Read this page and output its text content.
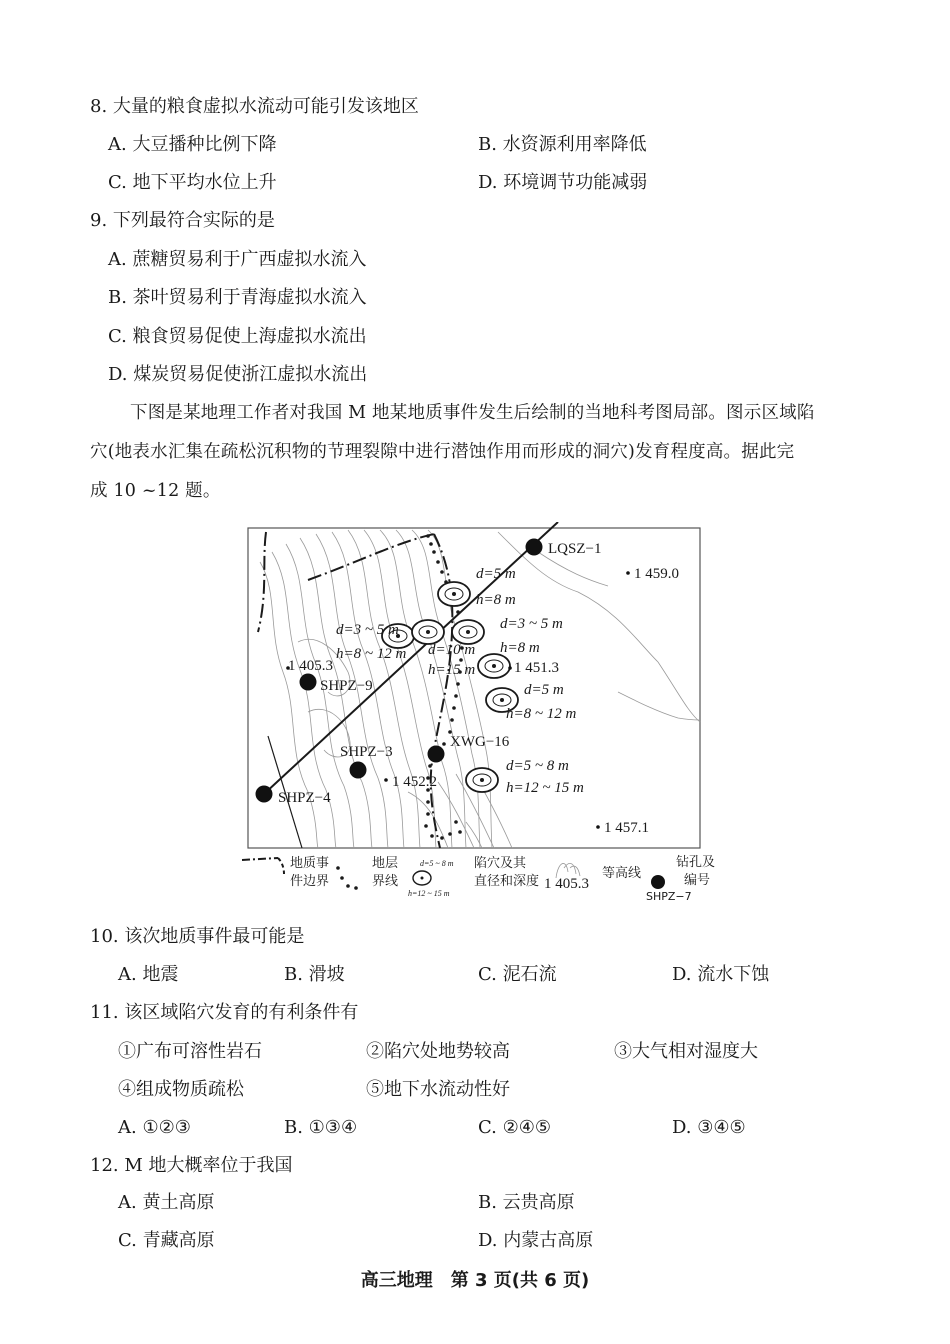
8. 大量的粮食虚拟水流动可能引发该地区
A. 大豆播种比例下降	B. 水资源利用率降低
C. 地下平均水位上升	D. 环境调节功能减弱
9. 下列最符合实际的是
A. 蔗糖贸易利于广西虚拟水流入
B. 茶叶贸易利于青海虚拟水流入
C. 粮食贸易促使上海虚拟水流出
D. 煤炭贸易促使浙江虚拟水流出
下图是某地理工作者对我国 M 地某地质事件发生后绘制的当地科考图局部。图示区域陷
穴(地表水汇集在疏松沉积物的节理裂隙中进行潜蚀作用而形成的洞穴)发育程度高。据此完
成 10 ~12 题。
LQSZ−1
SHPZ−9
SHPZ−3
SHPZ−4
XWG−16
1 459.0
1 405.3	1 451.3
1 452.2
1 457.1
d=5 m
h=8 m
d=3 ~ 5 m
h=8 ~ 12 m
d=3 ~ 5 m
h=8 m
d=10 m
h=15 m
d=5 m
h=8 ~ 12 m
d=5 ~ 8 m
h=12 ~ 15 m
地质事
件边界
地层
界线
d=5 ~ 8 m
h=12 ~ 15 m
陷穴及其
直径和深度 1 405.3
等高线
钻孔及
编号
SHPZ−7
10. 该次地质事件最可能是
A. 地震	B. 滑坡	C. 泥石流	D. 流水下蚀
11. 该区域陷穴发育的有利条件有
①广布可溶性岩石	②陷穴处地势较高	③大气相对湿度大
④组成物质疏松	⑤地下水流动性好
A. ①②③	B. ①③④	C. ②④⑤	D. ③④⑤
12. M 地大概率位于我国
A. 黄土高原	B. 云贵高原
C. 青藏高原	D. 内蒙古高原
高三地理　第 3 页(共 6 页)
